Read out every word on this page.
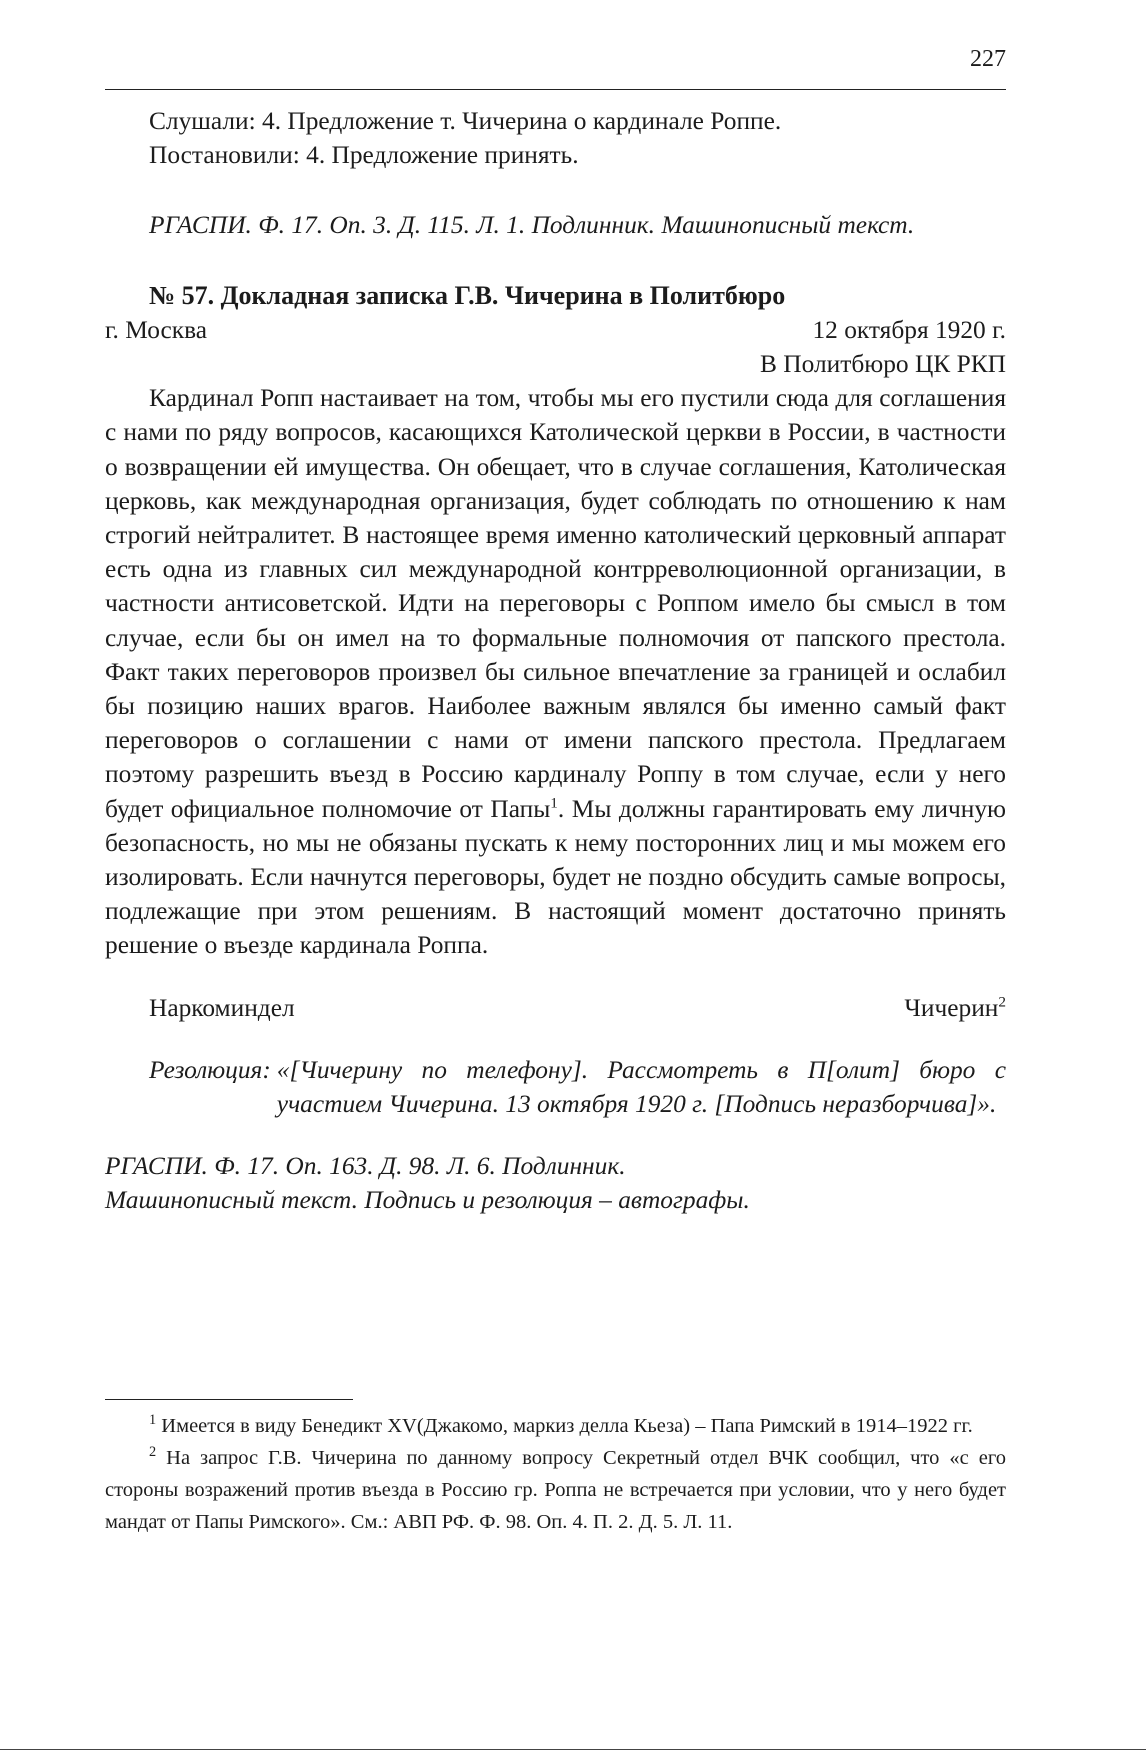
227

Слушали: 4. Предложение т. Чичерина о кардинале Роппе.

Постановили: 4. Предложение принять.

РГАСПИ. Ф. 17. Оп. 3. Д. 115. Л. 1. Подлинник. Машинописный текст.

№ 57. Докладная записка Г.В. Чичерина в Политбюро

г. Москва	12 октября 1920 г.

В Политбюро ЦК РКП

Кардинал Ропп настаивает на том, чтобы мы его пустили сюда для соглашения с нами по ряду вопросов, касающихся Католической церкви в России, в частности о возвращении ей имущества. Он обещает, что в случае соглашения, Католическая церковь, как международная организация, будет соблюдать по отношению к нам строгий нейтралитет. В настоящее время именно католический церковный аппарат есть одна из главных сил международной контрреволюционной организации, в частности антисоветской. Идти на переговоры с Роппом имело бы смысл в том случае, если бы он имел на то формальные полномочия от папского престола. Факт таких переговоров произвел бы сильное впечатление за границей и ослабил бы позицию наших врагов. Наиболее важным являлся бы именно самый факт переговоров о соглашении с нами от имени папского престола. Предлагаем поэтому разрешить въезд в Россию кардиналу Роппу в том случае, если у него будет официальное полномочие от Папы$^1$. Мы должны гарантировать ему личную безопасность, но мы не обязаны пускать к нему посторонних лиц и мы можем его изолировать. Если начнутся переговоры, будет не поздно обсудить самые вопросы, подлежащие при этом решениям. В настоящий момент достаточно принять решение о въезде кардинала Роппа.

Наркоминдел	Чичерин$^2$
Резолюция: «[Чичерину по телефону]. Рассмотреть в П[олит] бюро с участием Чичерина. 13 октября 1920 г. [Подпись неразборчива]».

РГАСПИ. Ф. 17. Оп. 163. Д. 98. Л. 6. Подлинник.

Машинописный текст. Подпись и резолюция – автографы.

$^1$ Имеется в виду Бенедикт XV(Джакомо, маркиз делла Кьеза) – Папа Римский в 1914–1922 гг.

$^2$ На запрос Г.В. Чичерина по данному вопросу Секретный отдел ВЧК сообщил, что «с его стороны возражений против въезда в Россию гр. Роппа не встречается при условии, что у него будет мандат от Папы Римского». См.: АВП РФ. Ф. 98. Оп. 4. П. 2. Д. 5. Л. 11.
